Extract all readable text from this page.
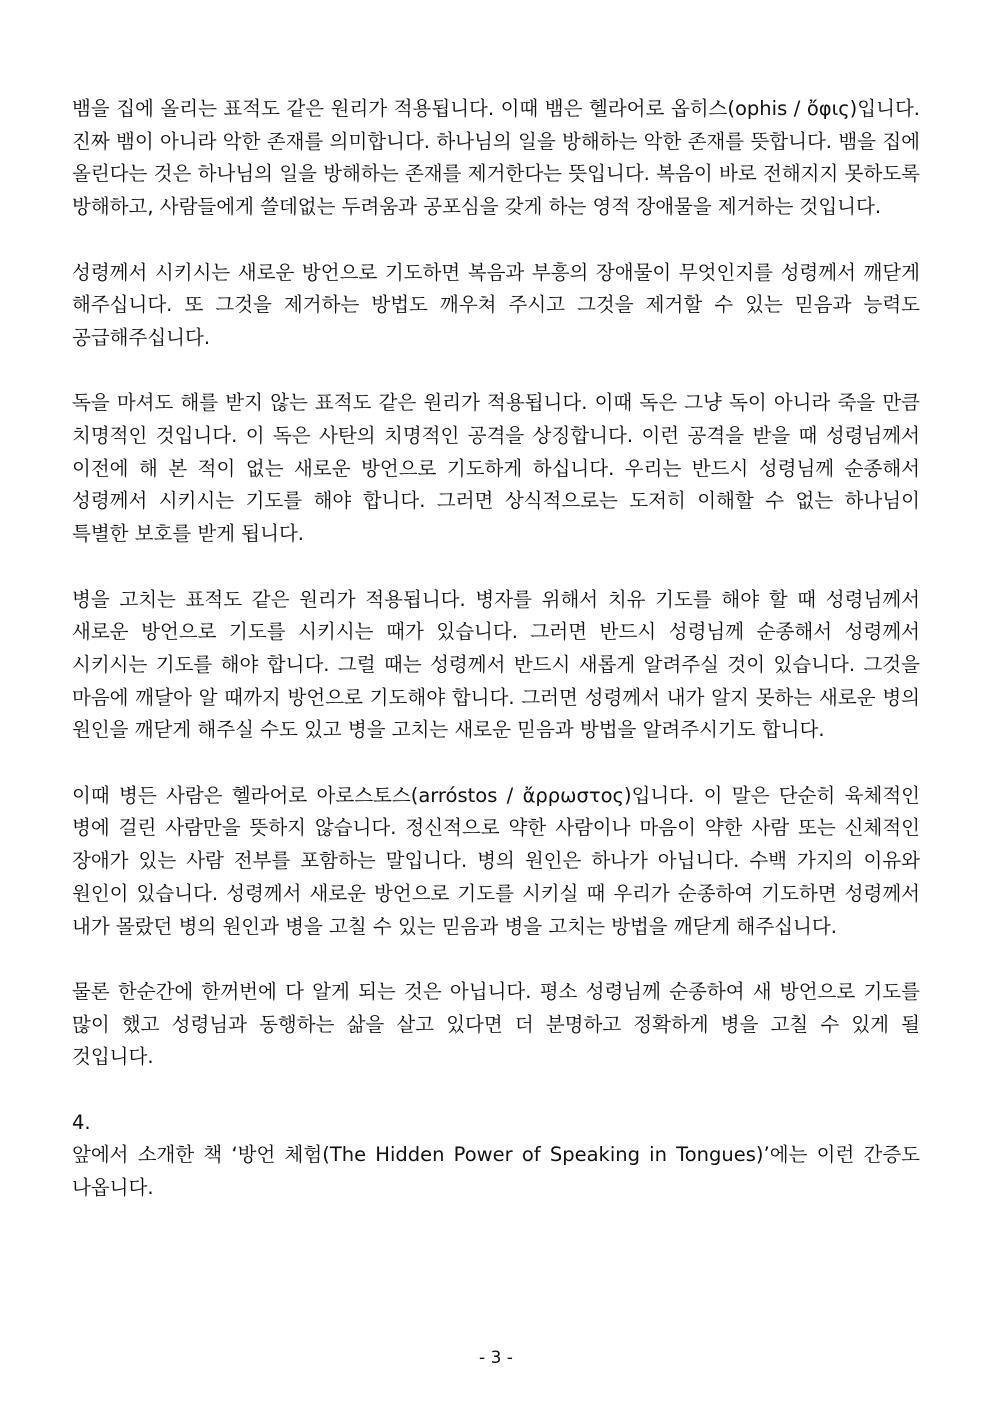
뱀을 집에 올리는 표적도 같은 원리가 적용됩니다. 이때 뱀은 헬라어로 옵히스(ophis / ὄφις)입니다. 진짜 뱀이 아니라 악한 존재를 의미합니다. 하나님의 일을 방해하는 악한 존재를 뜻합니다. 뱀을 집에 올린다는 것은 하나님의 일을 방해하는 존재를 제거한다는 뜻입니다. 복음이 바로 전해지지 못하도록 방해하고, 사람들에게 쓸데없는 두려움과 공포심을 갖게 하는 영적 장애물을 제거하는 것입니다.

성령께서 시키시는 새로운 방언으로 기도하면 복음과 부흥의 장애물이 무엇인지를 성령께서 깨닫게 해주십니다. 또 그것을 제거하는 방법도 깨우쳐 주시고 그것을 제거할 수 있는 믿음과 능력도 공급해주십니다.

독을 마셔도 해를 받지 않는 표적도 같은 원리가 적용됩니다. 이때 독은 그냥 독이 아니라 죽을 만큼 치명적인 것입니다. 이 독은 사탄의 치명적인 공격을 상징합니다. 이런 공격을 받을 때 성령님께서 이전에 해 본 적이 없는 새로운 방언으로 기도하게 하십니다. 우리는 반드시 성령님께 순종해서 성령께서 시키시는 기도를 해야 합니다. 그러면 상식적으로는 도저히 이해할 수 없는 하나님이 특별한 보호를 받게 됩니다.

병을 고치는 표적도 같은 원리가 적용됩니다. 병자를 위해서 치유 기도를 해야 할 때 성령님께서 새로운 방언으로 기도를 시키시는 때가 있습니다. 그러면 반드시 성령님께 순종해서 성령께서 시키시는 기도를 해야 합니다. 그럴 때는 성령께서 반드시 새롭게 알려주실 것이 있습니다. 그것을 마음에 깨달아 알 때까지 방언으로 기도해야 합니다. 그러면 성령께서 내가 알지 못하는 새로운 병의 원인을 깨닫게 해주실 수도 있고 병을 고치는 새로운 믿음과 방법을 알려주시기도 합니다.

이때 병든 사람은 헬라어로 아로스토스(arróstos / ἄρρωστος)입니다. 이 말은 단순히 육체적인 병에 걸린 사람만을 뜻하지 않습니다. 정신적으로 약한 사람이나 마음이 약한 사람 또는 신체적인 장애가 있는 사람 전부를 포함하는 말입니다. 병의 원인은 하나가 아닙니다. 수백 가지의 이유와 원인이 있습니다. 성령께서 새로운 방언으로 기도를 시키실 때 우리가 순종하여 기도하면 성령께서 내가 몰랐던 병의 원인과 병을 고칠 수 있는 믿음과 병을 고치는 방법을 깨닫게 해주십니다.

물론 한순간에 한꺼번에 다 알게 되는 것은 아닙니다. 평소 성령님께 순종하여 새 방언으로 기도를 많이 했고 성령님과 동행하는 삶을 살고 있다면 더 분명하고 정확하게 병을 고칠 수 있게 될 것입니다.

4.

앞에서 소개한 책 ‘방언 체험(The Hidden Power of Speaking in Tongues)’에는 이런 간증도 나옵니다.

- 3 -
